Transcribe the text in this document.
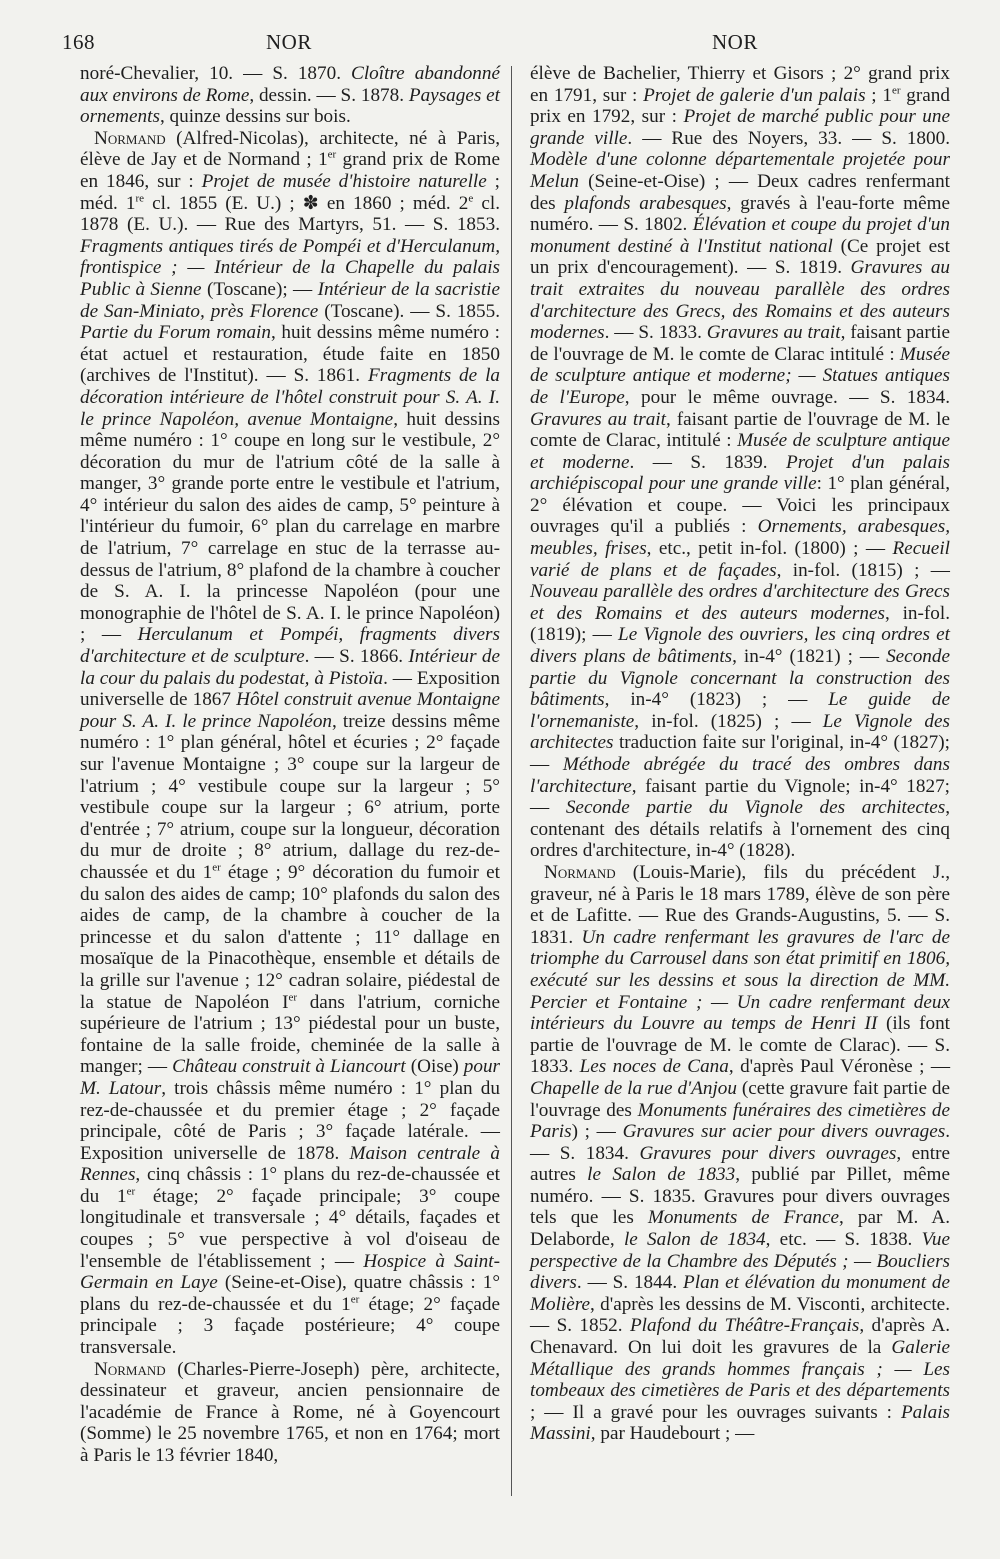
168	NOR	NOR

noré-Chevalier, 10. — S. 1870. Cloître abandonné aux environs de Rome, dessin. — S. 1878. Paysages et ornements, quinze dessins sur bois.

Normand (Alfred-Nicolas), architecte, né à Paris, élève de Jay et de Normand ; 1er grand prix de Rome en 1846, sur : Projet de musée d'histoire naturelle ; méd. 1re cl. 1855 (E. U.) ; ✽ en 1860 ; méd. 2e cl. 1878 (E. U.). — Rue des Martyrs, 51. — S. 1853. Fragments antiques tirés de Pompéi et d'Herculanum, frontispice ; — Intérieur de la Chapelle du palais Public à Sienne (Toscane); — Intérieur de la sacristie de San-Miniato, près Florence (Toscane). — S. 1855. Partie du Forum romain, huit dessins même numéro : état actuel et restauration, étude faite en 1850 (archives de l'Institut). — S. 1861. Fragments de la décoration intérieure de l'hôtel construit pour S. A. I. le prince Napoléon, avenue Montaigne, huit dessins même numéro : 1° coupe en long sur le vestibule, 2° décoration du mur de l'atrium côté de la salle à manger, 3° grande porte entre le vestibule et l'atrium, 4° intérieur du salon des aides de camp, 5° peinture à l'intérieur du fumoir, 6° plan du carrelage en marbre de l'atrium, 7° carrelage en stuc de la terrasse au-dessus de l'atrium, 8° plafond de la chambre à coucher de S. A. I. la princesse Napoléon (pour une monographie de l'hôtel de S. A. I. le prince Napoléon) ; — Herculanum et Pompéi, fragments divers d'architecture et de sculpture. — S. 1866. Intérieur de la cour du palais du podestat, à Pistoïa. — Exposition universelle de 1867 Hôtel construit avenue Montaigne pour S. A. I. le prince Napoléon, treize dessins même numéro : 1° plan général, hôtel et écuries ; 2° façade sur l'avenue Montaigne ; 3° coupe sur la largeur de l'atrium ; 4° vestibule coupe sur la largeur ; 5° vestibule coupe sur la largeur ; 6° atrium, porte d'entrée ; 7° atrium, coupe sur la longueur, décoration du mur de droite ; 8° atrium, dallage du rez-de-chaussée et du 1er étage ; 9° décoration du fumoir et du salon des aides de camp; 10° plafonds du salon des aides de camp, de la chambre à coucher de la princesse et du salon d'attente ; 11° dallage en mosaïque de la Pinacothèque, ensemble et détails de la grille sur l'avenue ; 12° cadran solaire, piédestal de la statue de Napoléon Ier dans l'atrium, corniche supérieure de l'atrium ; 13° piédestal pour un buste, fontaine de la salle froide, cheminée de la salle à manger; — Château construit à Liancourt (Oise) pour M. Latour, trois châssis même numéro : 1° plan du rez-de-chaussée et du premier étage ; 2° façade principale, côté de Paris ; 3° façade latérale. — Exposition universelle de 1878. Maison centrale à Rennes, cinq châssis : 1° plans du rez-de-chaussée et du 1er étage; 2° façade principale; 3° coupe longitudinale et transversale ; 4° détails, façades et coupes ; 5° vue perspective à vol d'oiseau de l'ensemble de l'établissement ; — Hospice à Saint-Germain en Laye (Seine-et-Oise), quatre châssis : 1° plans du rez-de-chaussée et du 1er étage; 2° façade principale ; 3 façade postérieure; 4° coupe transversale.

Normand (Charles-Pierre-Joseph) père, architecte, dessinateur et graveur, ancien pensionnaire de l'académie de France à Rome, né à Goyencourt (Somme) le 25 novembre 1765, et non en 1764; mort à Paris le 13 février 1840,

élève de Bachelier, Thierry et Gisors ; 2° grand prix en 1791, sur : Projet de galerie d'un palais ; 1er grand prix en 1792, sur : Projet de marché public pour une grande ville. — Rue des Noyers, 33. — S. 1800. Modèle d'une colonne départementale projetée pour Melun (Seine-et-Oise) ; — Deux cadres renfermant des plafonds arabesques, gravés à l'eau-forte même numéro. — S. 1802. Élévation et coupe du projet d'un monument destiné à l'Institut national (Ce projet est un prix d'encouragement). — S. 1819. Gravures au trait extraites du nouveau parallèle des ordres d'architecture des Grecs, des Romains et des auteurs modernes. — S. 1833. Gravures au trait, faisant partie de l'ouvrage de M. le comte de Clarac intitulé : Musée de sculpture antique et moderne; — Statues antiques de l'Europe, pour le même ouvrage. — S. 1834. Gravures au trait, faisant partie de l'ouvrage de M. le comte de Clarac, intitulé : Musée de sculpture antique et moderne. — S. 1839. Projet d'un palais archiépiscopal pour une grande ville: 1° plan général, 2° élévation et coupe. — Voici les principaux ouvrages qu'il a publiés : Ornements, arabesques, meubles, frises, etc., petit in-fol. (1800) ; — Recueil varié de plans et de façades, in-fol. (1815) ; — Nouveau parallèle des ordres d'architecture des Grecs et des Romains et des auteurs modernes, in-fol. (1819); — Le Vignole des ouvriers, les cinq ordres et divers plans de bâtiments, in-4° (1821) ; — Seconde partie du Vignole concernant la construction des bâtiments, in-4° (1823) ; — Le guide de l'ornemaniste, in-fol. (1825) ; — Le Vignole des architectes traduction faite sur l'original, in-4° (1827); — Méthode abrégée du tracé des ombres dans l'architecture, faisant partie du Vignole; in-4° 1827; — Seconde partie du Vignole des architectes, contenant des détails relatifs à l'ornement des cinq ordres d'architecture, in-4° (1828).

Normand (Louis-Marie), fils du précédent J., graveur, né à Paris le 18 mars 1789, élève de son père et de Lafitte. — Rue des Grands-Augustins, 5. — S. 1831. Un cadre renfermant les gravures de l'arc de triomphe du Carrousel dans son état primitif en 1806, exécuté sur les dessins et sous la direction de MM. Percier et Fontaine ; — Un cadre renfermant deux intérieurs du Louvre au temps de Henri II (ils font partie de l'ouvrage de M. le comte de Clarac). — S. 1833. Les noces de Cana, d'après Paul Véronèse ; — Chapelle de la rue d'Anjou (cette gravure fait partie de l'ouvrage des Monuments funéraires des cimetières de Paris) ; — Gravures sur acier pour divers ouvrages. — S. 1834. Gravures pour divers ouvrages, entre autres le Salon de 1833, publié par Pillet, même numéro. — S. 1835. Gravures pour divers ouvrages tels que les Monuments de France, par M. A. Delaborde, le Salon de 1834, etc. — S. 1838. Vue perspective de la Chambre des Députés ; — Boucliers divers. — S. 1844. Plan et élévation du monument de Molière, d'après les dessins de M. Visconti, architecte. — S. 1852. Plafond du Théâtre-Français, d'après A. Chenavard. On lui doit les gravures de la Galerie Métallique des grands hommes français ; — Les tombeaux des cimetières de Paris et des départements ; — Il a gravé pour les ouvrages suivants : Palais Massini, par Haudebourt ; —
